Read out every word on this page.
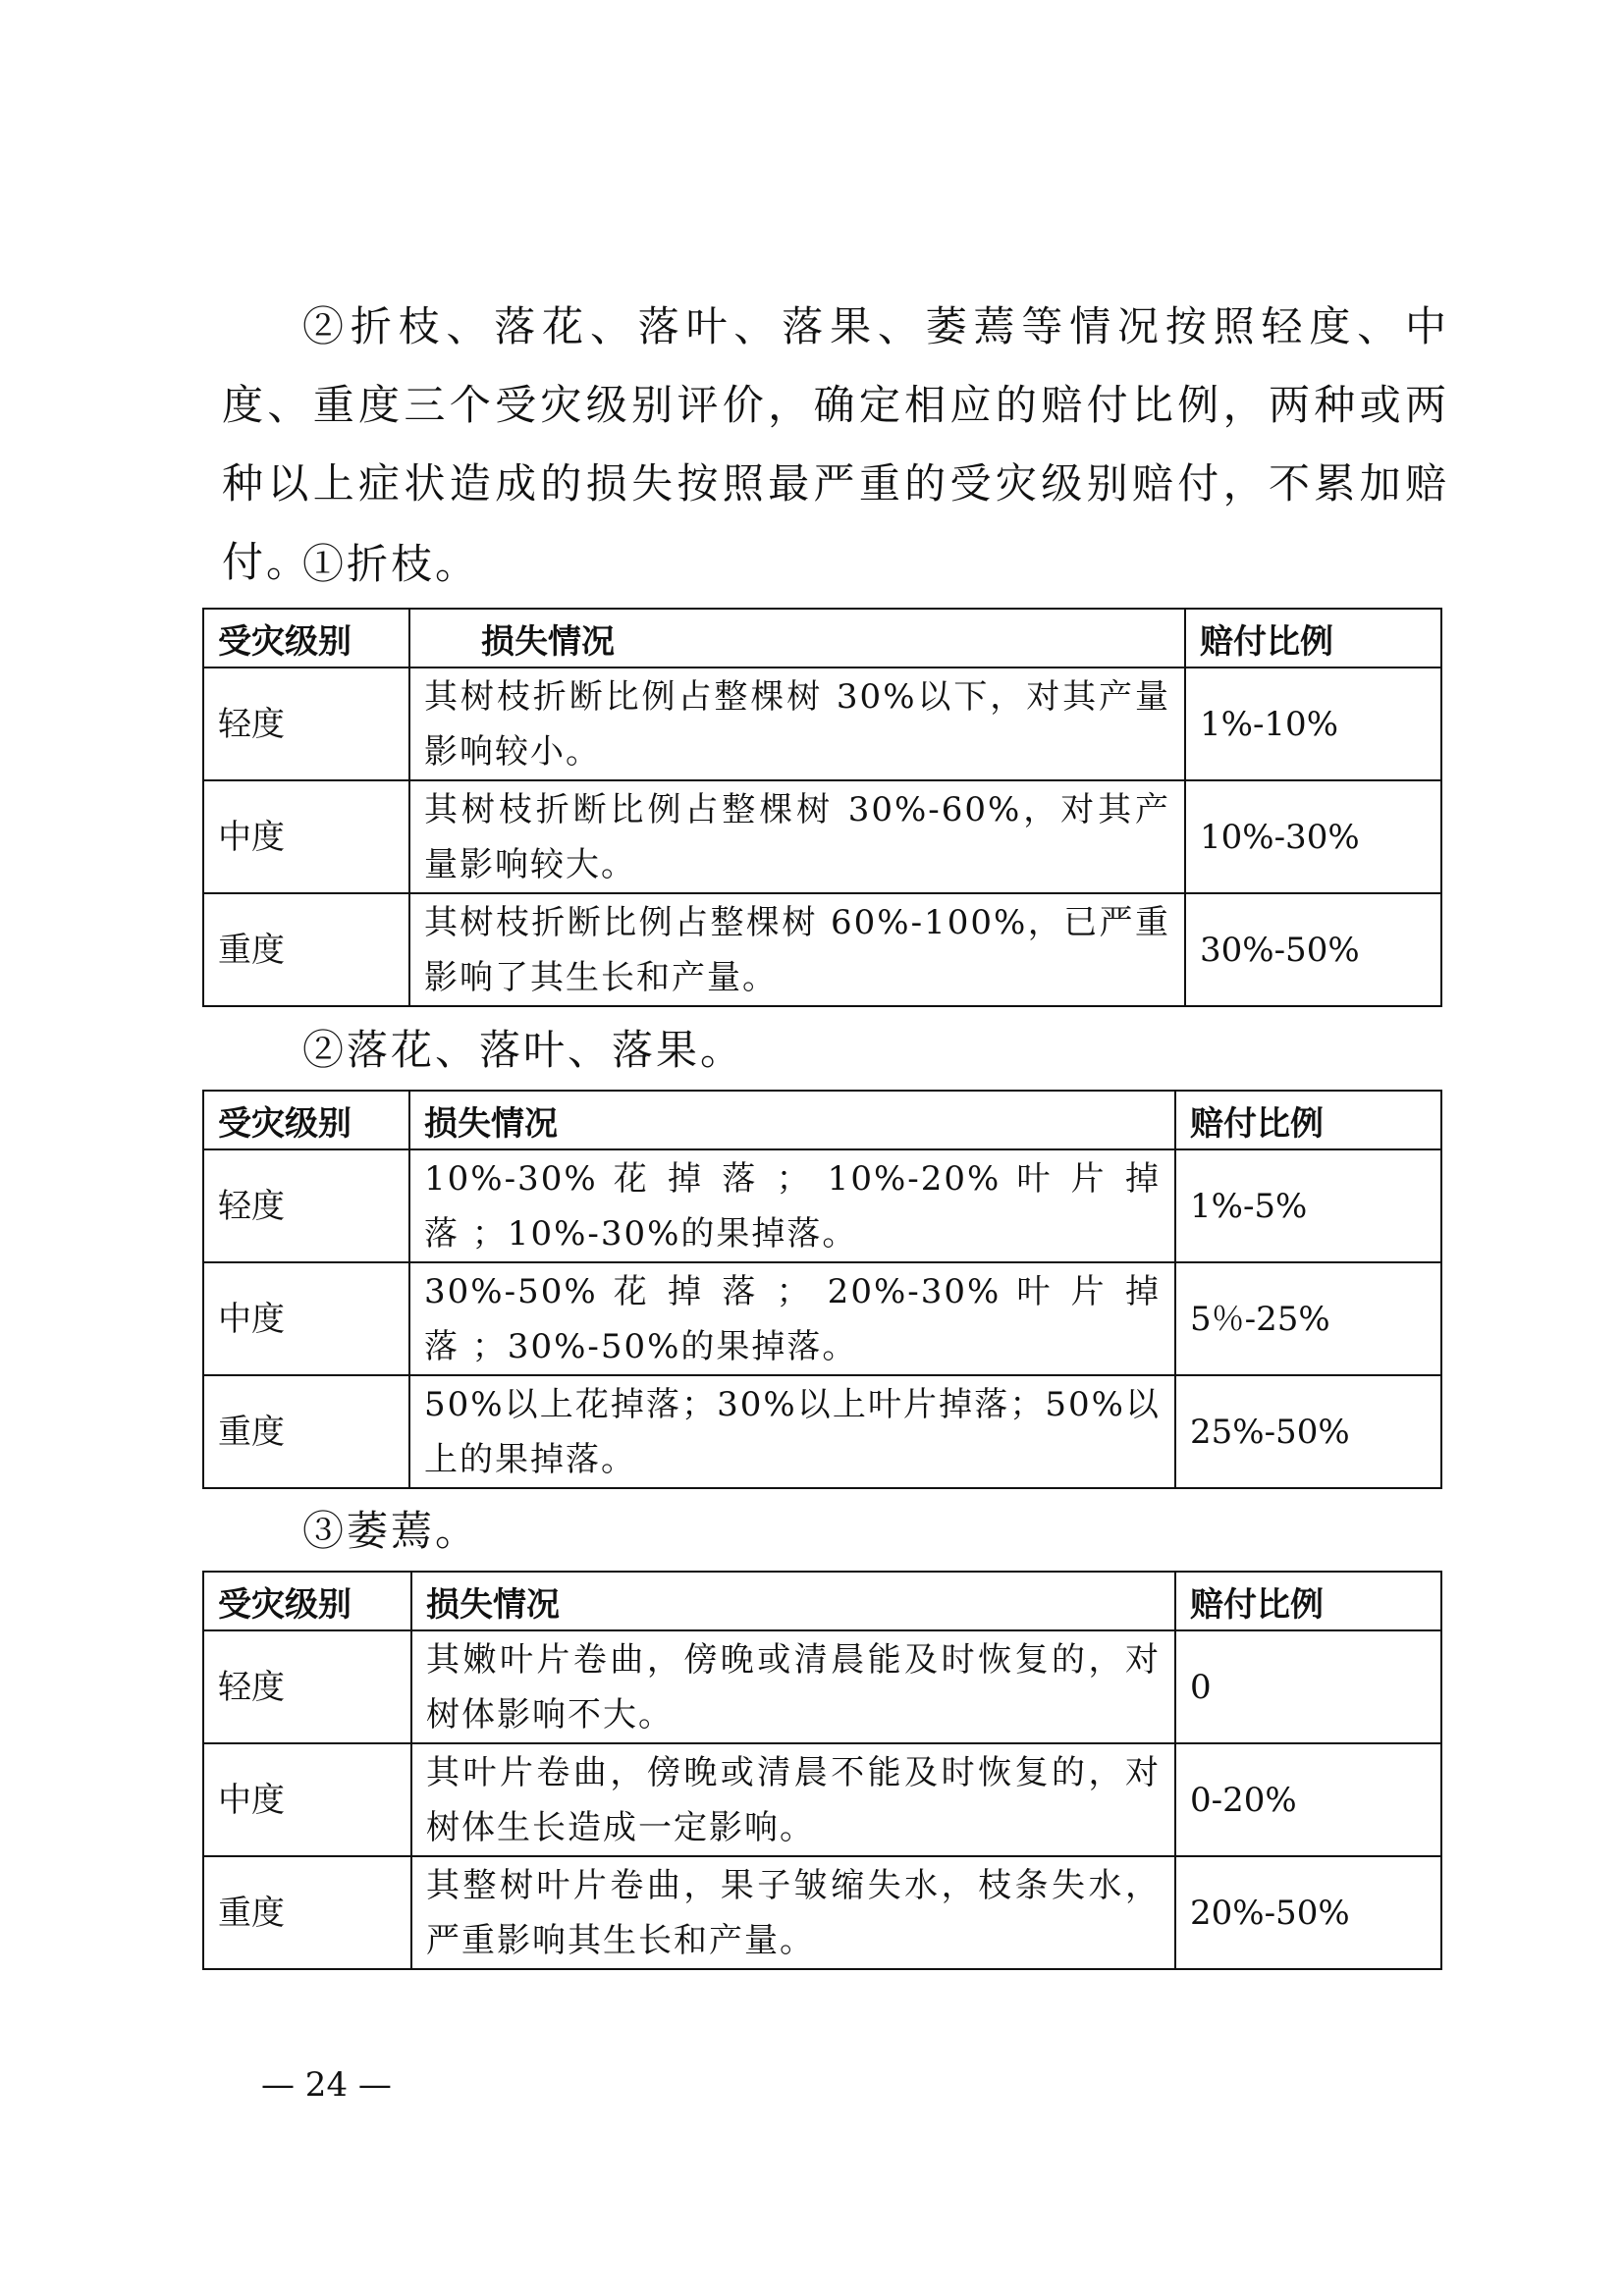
②折枝、落花、落叶、落果、萎蔫等情况按照轻度、中度、重度三个受灾级别评价，确定相应的赔付比例，两种或两种以上症状造成的损失按照最严重的受灾级别赔付，不累加赔付。

①折枝。

受灾级别	损失情况	赔付比例
轻度	其树枝折断比例占整棵树 30%以下，对其产量影响较小。	1%-10%
中度	其树枝折断比例占整棵树 30%-60%，对其产量影响较大。	10%-30%
重度	其树枝折断比例占整棵树 60%-100%，已严重影响了其生长和产量。	30%-50%

②落花、落叶、落果。

受灾级别	损失情况	赔付比例
轻度	10%-30% 花 掉 落 ； 10%-20% 叶 片 掉 落 ；10%-30%的果掉落。	1%-5%
中度	30%-50% 花 掉 落 ； 20%-30% 叶 片 掉 落 ；30%-50%的果掉落。	5％-25%
重度	50%以上花掉落；30%以上叶片掉落；50%以上的果掉落。	25%-50%

③萎蔫。

受灾级别	损失情况	赔付比例
轻度	其嫩叶片卷曲，傍晚或清晨能及时恢复的，对树体影响不大。	0
中度	其叶片卷曲，傍晚或清晨不能及时恢复的，对树体生长造成一定影响。	0-20%
重度	其整树叶片卷曲，果子皱缩失水，枝条失水，严重影响其生长和产量。	20%-50%

— 24 —
